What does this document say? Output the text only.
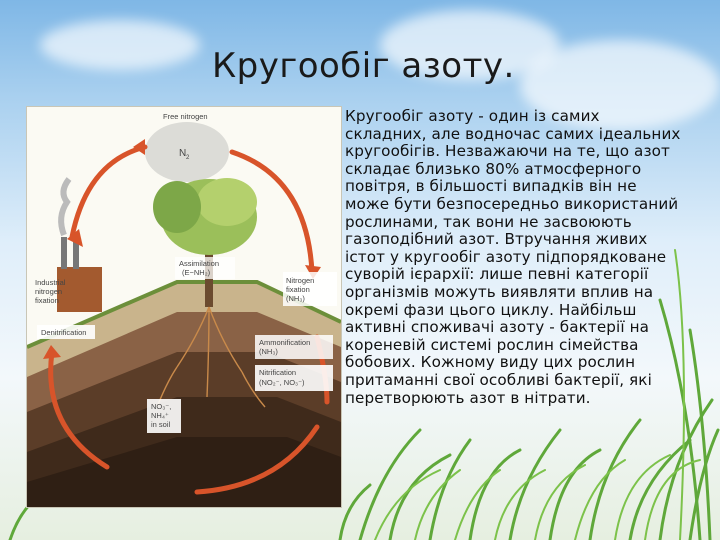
Кругообіг азоту.
Free nitrogen
N 2
Assimilation
(E−NH₂)
Industrial
nitrogen
fixation
Nitrogen
fixation
(NH₃)
Ammonification
(NH₃)
Denitrification
Nitrification
(NO₂⁻, NO₃⁻)
NO₃⁻,
NH₄⁺
in soil

Кругообіг азоту - один із самих складних, але водночас самих ідеальних кругообігів. Незважаючи на те, що азот складає близько 80% атмосферного повітря, в більшості випадків він не може бути безпосередньо використаний рослинами, так вони не засвоюють газоподібний азот. Втручання живих істот у кругообіг азоту підпорядковане суворій ієрархії: лише певні категорії організмів можуть виявляти вплив на окремі фази цього циклу. Найбільш активні споживачі азоту - бактерії на кореневій системі рослин сімейства бобових. Кожному виду цих рослин притаманні свої особливі бактерії, які перетворюють азот в нітрати.
